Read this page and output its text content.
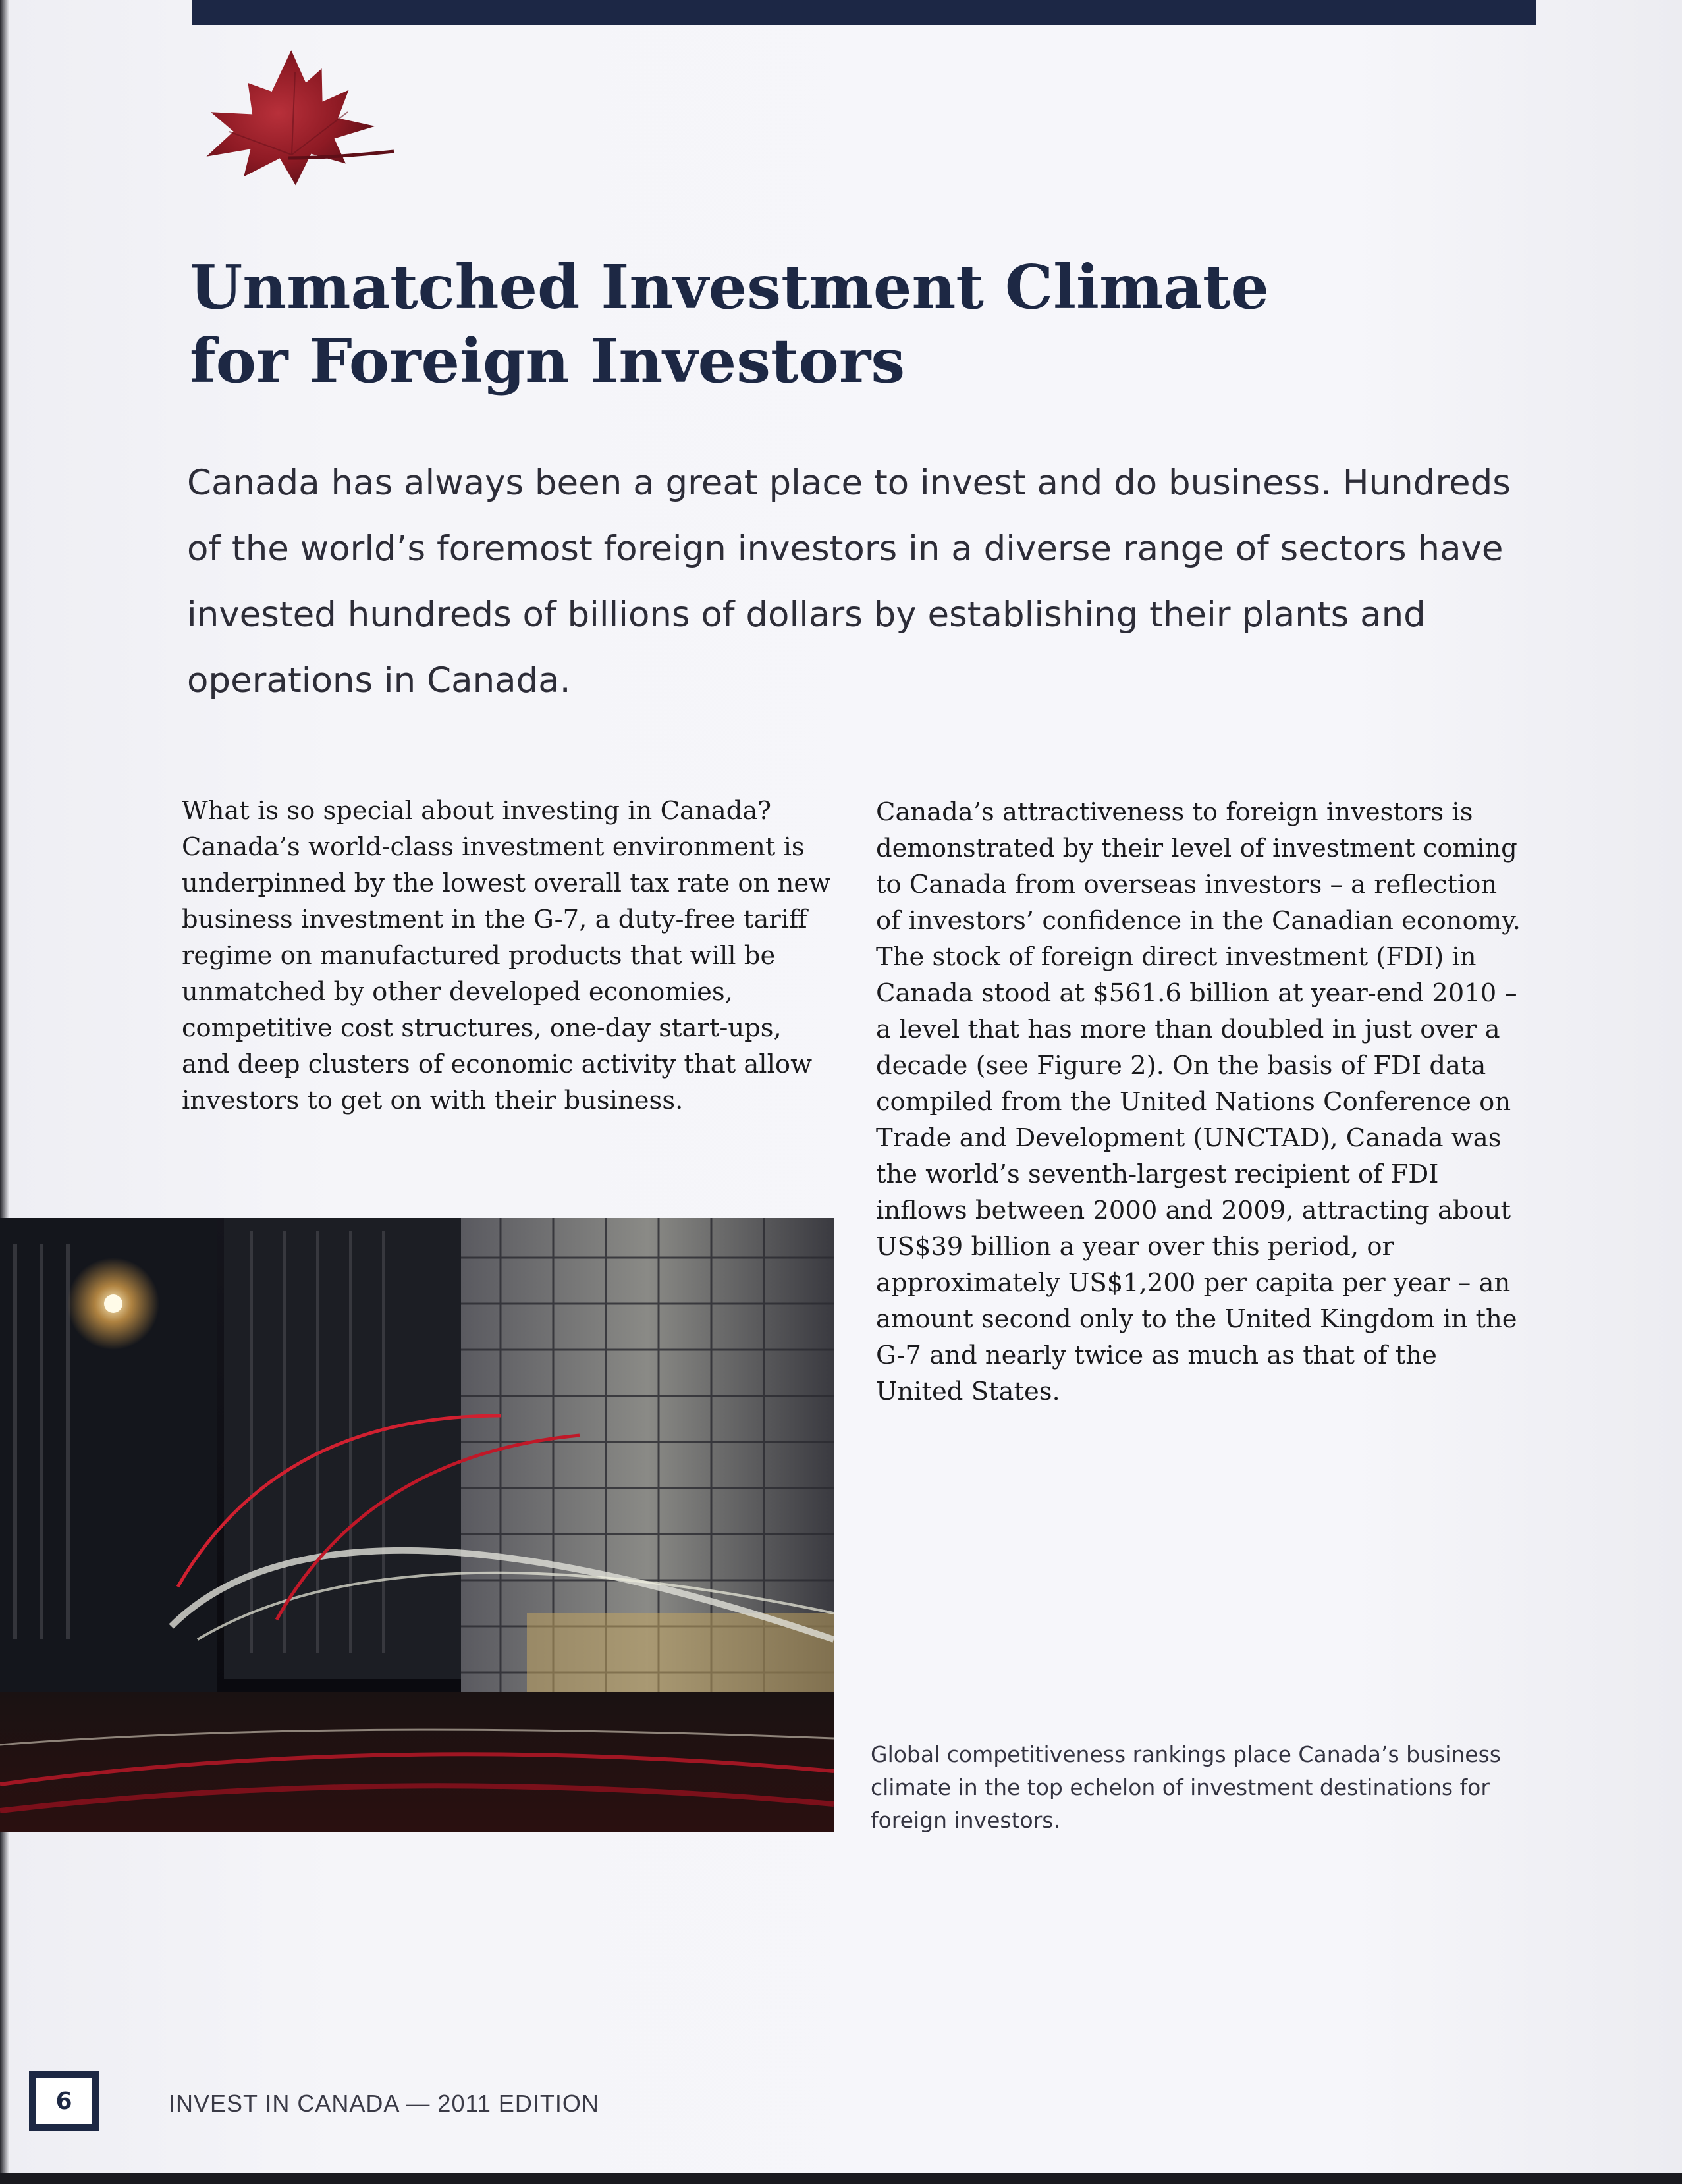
Unmatched Investment Climate
for Foreign Investors

Canada has always been a great place to invest and do business. Hundreds of the world’s foremost foreign investors in a diverse range of sectors have invested hundreds of billions of dollars by establishing their plants and operations in Canada.

What is so special about investing in Canada? Canada’s world-class investment environment is underpinned by the lowest overall tax rate on new business investment in the G-7, a duty-free tariff regime on manufactured products that will be unmatched by other developed economies, competitive cost structures, one-day start-ups, and deep clusters of economic activity that allow investors to get on with their business.

Canada’s attractiveness to foreign investors is demonstrated by their level of investment coming to Canada from overseas investors – a reflection of investors’ confidence in the Canadian economy. The stock of foreign direct investment (FDI) in Canada stood at $561.6 billion at year-end 2010 – a level that has more than doubled in just over a decade (see Figure 2). On the basis of FDI data compiled from the United Nations Conference on Trade and Development (UNCTAD), Canada was the world’s seventh-largest recipient of FDI inflows between 2000 and 2009, attracting about US$39 billion a year over this period, or approximately US$1,200 per capita per year – an amount second only to the United Kingdom in the G-7 and nearly twice as much as that of the United States.

Global competitiveness rankings place Canada’s business climate in the top echelon of investment destinations for foreign investors.

6	INVEST IN CANADA — 2011 EDITION
